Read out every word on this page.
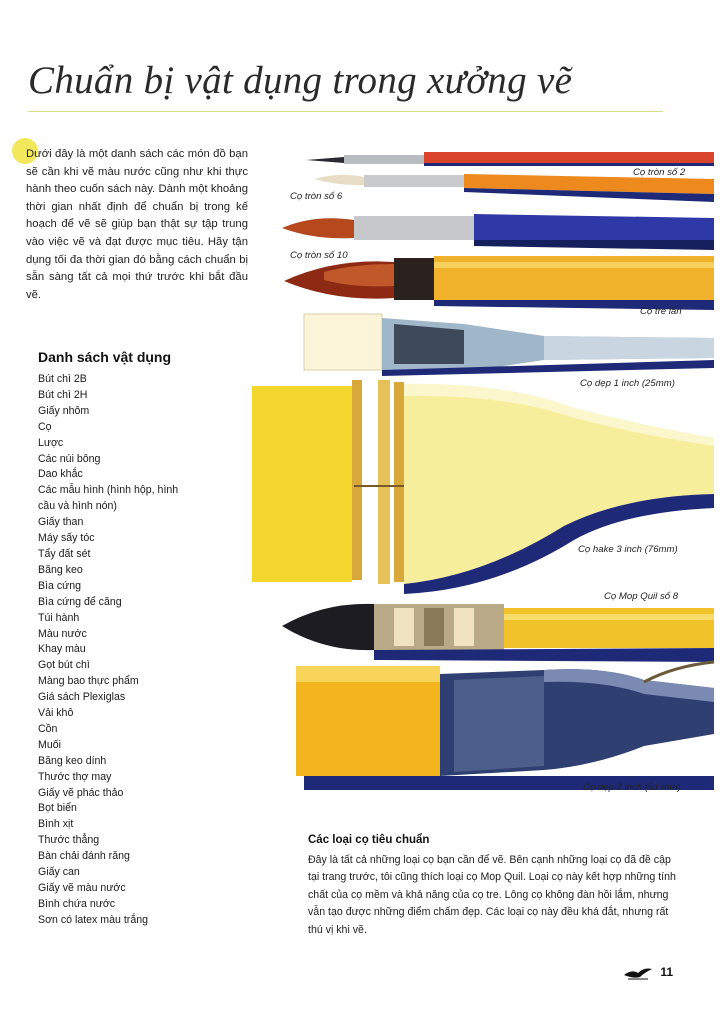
Chuẩn bị vật dụng trong xưởng vẽ

Dưới đây là một danh sách các món đồ bạn sẽ cần khi vẽ màu nước cũng như khi thực hành theo cuốn sách này. Dành một khoảng thời gian nhất định để chuẩn bị trong kế hoạch để vẽ sẽ giúp bạn thật sự tập trung vào việc vẽ và đạt được mục tiêu. Hãy tận dụng tối đa thời gian đó bằng cách chuẩn bị sẵn sàng tất cả mọi thứ trước khi bắt đầu vẽ.

Danh sách vật dụng
Bút chì 2B
Bút chì 2H
Giấy nhôm
Cọ
Lược
Các núi bông
Dao khắc
Các mẫu hình (hình hộp, hình cầu và hình nón)
Giấy than
Máy sấy tóc
Tẩy đất sét
Băng keo
Bìa cứng
Bìa cứng để căng
Túi hành
Màu nước
Khay màu
Gọt bút chì
Màng bao thực phẩm
Giá sách Plexiglas
Vải khô
Cồn
Muối
Băng keo dính
Thước thợ may
Giấy vẽ phác thảo
Bọt biển
Bình xịt
Thước thẳng
Bàn chải đánh răng
Giấy can
Giấy vẽ màu nước
Bình chứa nước
Sơn có latex màu trắng
Cọ tròn số 2
Cọ tròn số 6
Cọ tròn số 10
Cọ tre lăn
Cọ dẹp 1 inch (25mm)
Cọ hake 3 inch (76mm)
Cọ Mop Quil số 8
Cọ dẹp 2 inch (51 mm)
Các loại cọ tiêu chuẩn

Đây là tất cả những loại cọ bạn cần để vẽ. Bên cạnh những loại cọ đã đề cập tại trang trước, tôi cũng thích loại cọ Mop Quil. Loại cọ này kết hợp những tính chất của cọ mềm và khả năng của cọ tre. Lông cọ không đàn hồi lắm, nhưng vẫn tạo được những điểm chấm đẹp. Các loại cọ này đều khá đắt, nhưng rất thú vị khi vẽ.

11
